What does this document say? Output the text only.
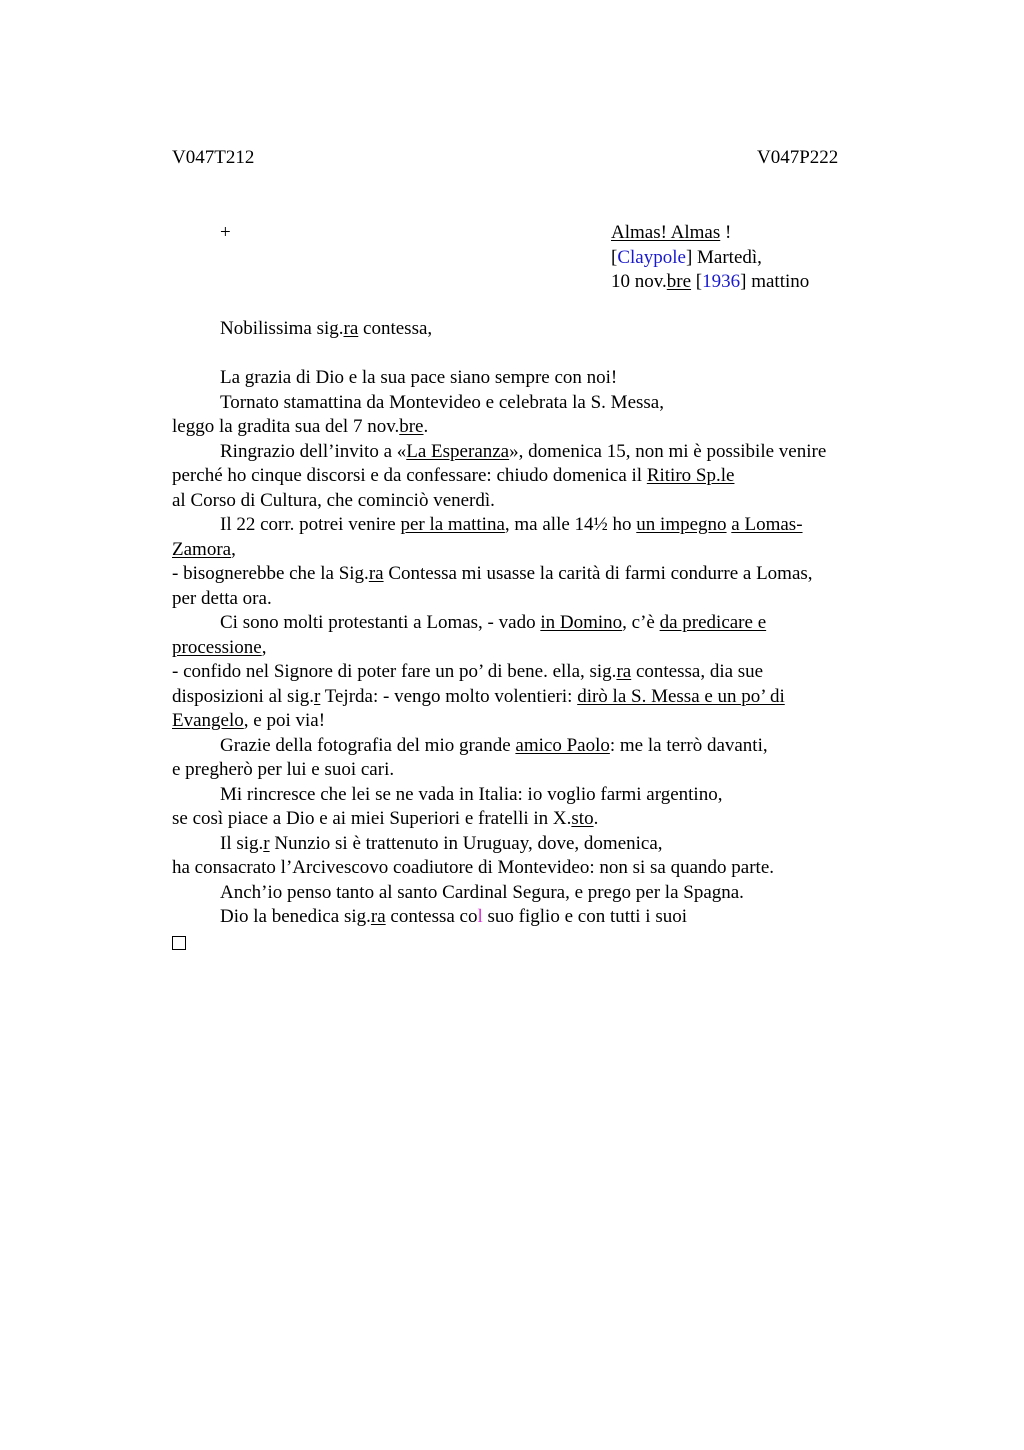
V047T212	V047P222
+	Almas! Almas !
[Claypole] Martedì,
10 nov.bre [1936] mattino
Nobilissima sig.ra contessa,
La grazia di Dio e la sua pace siano sempre con noi!
Tornato stamattina da Montevideo e celebrata la S. Messa,
leggo la gradita sua del 7 nov.bre.
Ringrazio dell’invito a «La Esperanza», domenica 15, non mi è possibile venire
perché ho cinque discorsi e da confessare: chiudo domenica il Ritiro Sp.le
al Corso di Cultura, che cominciò venerdì.
Il 22 corr. potrei venire per la mattina, ma alle 14½ ho un impegno a Lomas-
Zamora,
- bisognerebbe che la Sig.ra Contessa mi usasse la carità di farmi condurre a Lomas,
per detta ora.
Ci sono molti protestanti a Lomas, - vado in Domino, c’è da predicare e
processione,
- confido nel Signore di poter fare un po’ di bene. ella, sig.ra contessa, dia sue
disposizioni al sig.r Tejrda: - vengo molto volentieri: dirò la S. Messa e un po’ di
Evangelo, e poi via!
Grazie della fotografia del mio grande amico Paolo: me la terrò davanti,
e pregherò per lui e suoi cari.
Mi rincresce che lei se ne vada in Italia: io voglio farmi argentino,
se così piace a Dio e ai miei Superiori e fratelli in X.sto.
Il sig.r Nunzio si è trattenuto in Uruguay, dove, domenica,
ha consacrato l’Arcivescovo coadiutore di Montevideo: non si sa quando parte.
Anch’io penso tanto al santo Cardinal Segura, e prego per la Spagna.
Dio la benedica sig.ra contessa col suo figlio e con tutti i suoi
